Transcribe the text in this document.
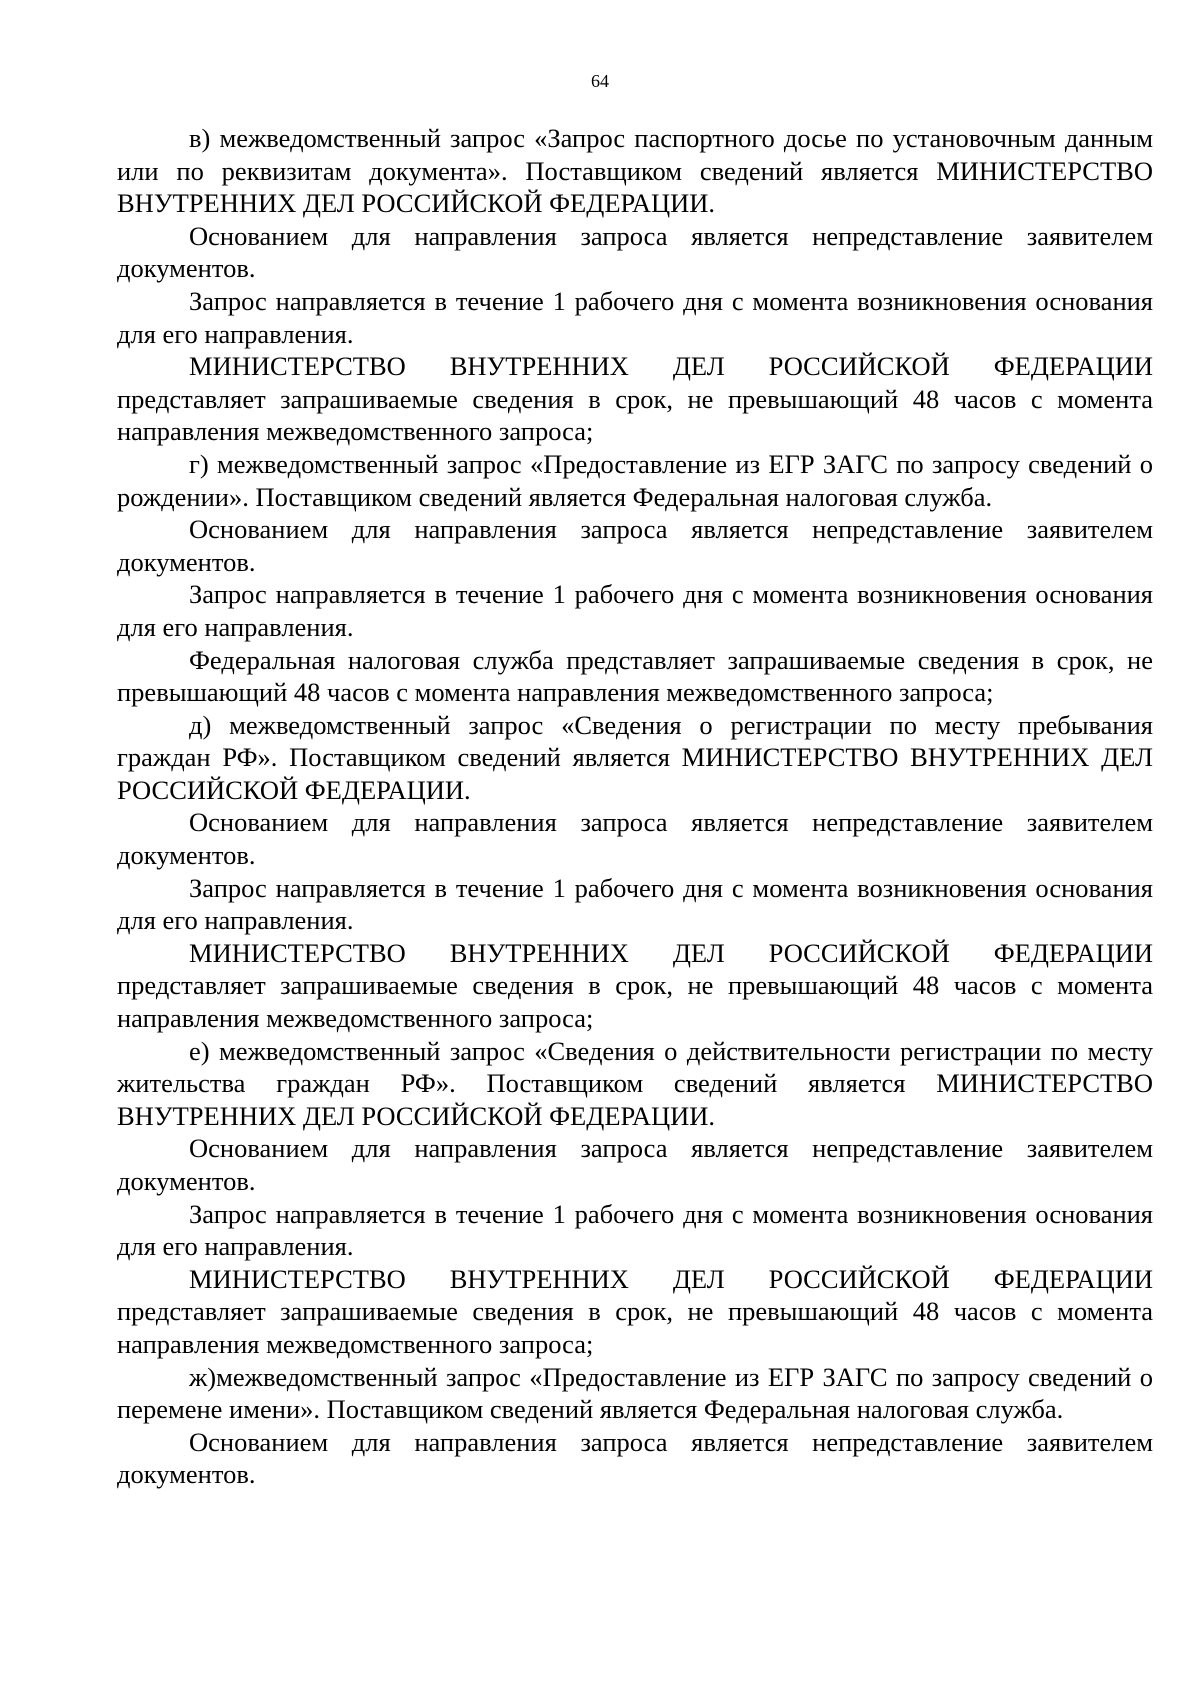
64

в) межведомственный запрос «Запрос паспортного досье по установочным данным или по реквизитам документа». Поставщиком сведений является МИНИСТЕРСТВО ВНУТРЕННИХ ДЕЛ РОССИЙСКОЙ ФЕДЕРАЦИИ.

Основанием для направления запроса является непредставление заявителем документов.

Запрос направляется в течение 1 рабочего дня с момента возникновения основания для его направления.

МИНИСТЕРСТВО ВНУТРЕННИХ ДЕЛ РОССИЙСКОЙ ФЕДЕРАЦИИ представляет запрашиваемые сведения в срок, не превышающий 48 часов с момента направления межведомственного запроса;

г) межведомственный запрос «Предоставление из ЕГР ЗАГС по запросу сведений о рождении». Поставщиком сведений является Федеральная налоговая служба.

Основанием для направления запроса является непредставление заявителем документов.

Запрос направляется в течение 1 рабочего дня с момента возникновения основания для его направления.

Федеральная налоговая служба представляет запрашиваемые сведения в срок, не превышающий 48 часов с момента направления межведомственного запроса;

д) межведомственный запрос «Сведения о регистрации по месту пребывания граждан РФ». Поставщиком сведений является МИНИСТЕРСТВО ВНУТРЕННИХ ДЕЛ РОССИЙСКОЙ ФЕДЕРАЦИИ.

Основанием для направления запроса является непредставление заявителем документов.

Запрос направляется в течение 1 рабочего дня с момента возникновения основания для его направления.

МИНИСТЕРСТВО ВНУТРЕННИХ ДЕЛ РОССИЙСКОЙ ФЕДЕРАЦИИ представляет запрашиваемые сведения в срок, не превышающий 48 часов с момента направления межведомственного запроса;

е) межведомственный запрос «Сведения о действительности регистрации по месту жительства граждан РФ». Поставщиком сведений является МИНИСТЕРСТВО ВНУТРЕННИХ ДЕЛ РОССИЙСКОЙ ФЕДЕРАЦИИ.

Основанием для направления запроса является непредставление заявителем документов.

Запрос направляется в течение 1 рабочего дня с момента возникновения основания для его направления.

МИНИСТЕРСТВО ВНУТРЕННИХ ДЕЛ РОССИЙСКОЙ ФЕДЕРАЦИИ представляет запрашиваемые сведения в срок, не превышающий 48 часов с момента направления межведомственного запроса;

ж)межведомственный запрос «Предоставление из ЕГР ЗАГС по запросу сведений о перемене имени». Поставщиком сведений является Федеральная налоговая служба.

Основанием для направления запроса является непредставление заявителем документов.
